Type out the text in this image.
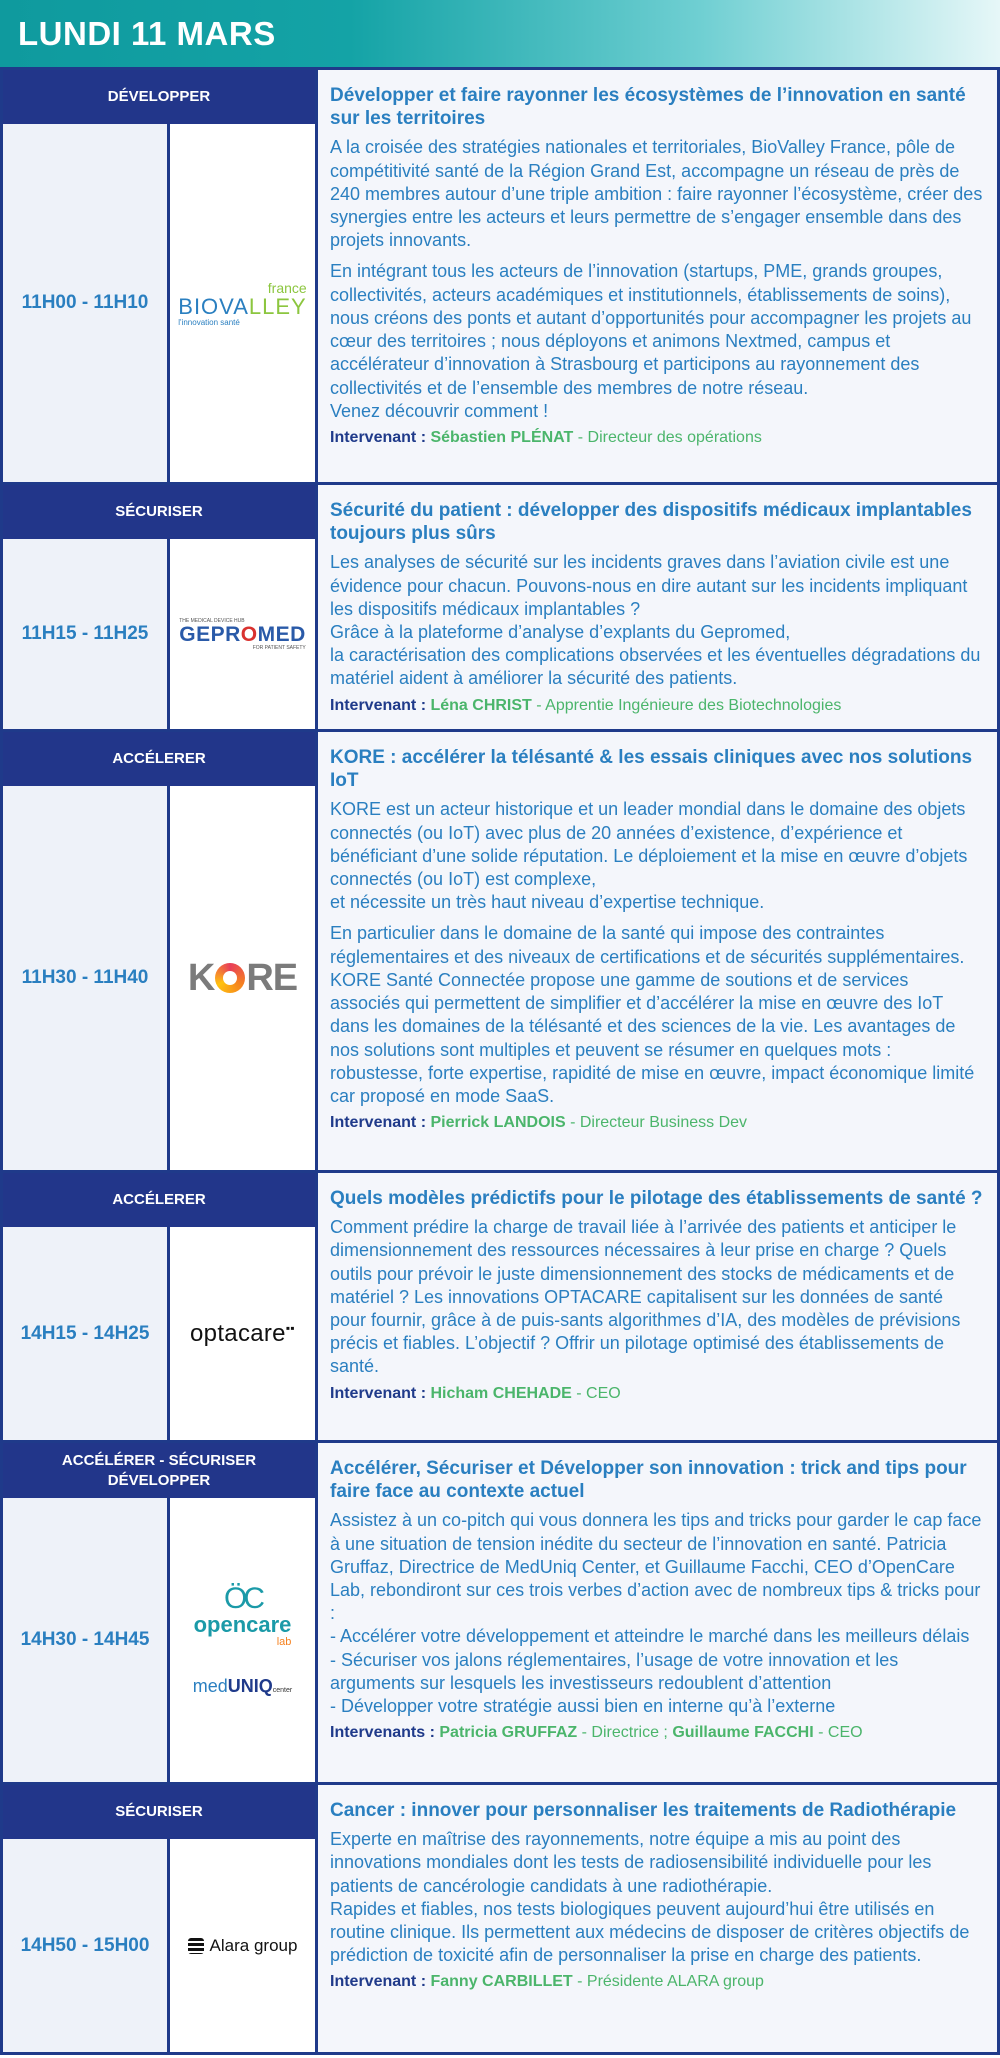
LUNDI 11 MARS
DÉVELOPPER
11H00 - 11H10
france
BIOVALLEY
l'innovation santé
Développer et faire rayonner les écosystèmes de l’innovation en santé sur les territoires
A la croisée des stratégies nationales et territoriales, BioValley France, pôle de compétitivité santé de la Région Grand Est, accompagne un réseau de près de 240 membres autour d’une triple ambition : faire rayonner l’écosystème, créer des synergies entre les acteurs et leurs permettre de s’engager ensemble dans des projets innovants.
En intégrant tous les acteurs de l’innovation (startups, PME, grands groupes, collectivités, acteurs académiques et institutionnels, établissements de soins), nous créons des ponts et autant d’opportunités pour accompagner les projets au cœur des territoires ; nous déployons et animons Nextmed, campus et accélérateur d’innovation à Strasbourg et participons au rayonnement des collectivités et de l’ensemble des membres de notre réseau.
Venez découvrir comment !
Intervenant : Sébastien PLÉNAT - Directeur des opérations
SÉCURISER
11H15 - 11H25
THE MEDICAL DEVICE HUB
GEPROMED
FOR PATIENT SAFETY
Sécurité du patient : développer des dispositifs médicaux implantables toujours plus sûrs
Les analyses de sécurité sur les incidents graves dans l’aviation civile est une évidence pour chacun. Pouvons-nous en dire autant sur les incidents impliquant les dispositifs médicaux implantables ?
Grâce à la plateforme d’analyse d’explants du Gepromed,
la caractérisation des complications observées et les éventuelles dégradations du matériel aident à améliorer la sécurité des patients.
Intervenant : Léna CHRIST - Apprentie Ingénieure des Biotechnologies
ACCÉLERER
11H30 - 11H40	K RE
KORE : accélérer la télésanté & les essais cliniques avec nos solutions IoT
KORE est un acteur historique et un leader mondial dans le domaine des objets connectés (ou IoT) avec plus de 20 années d’existence, d’expérience et bénéficiant d’une solide réputation. Le déploiement et la mise en œuvre d’objets connectés (ou IoT) est complexe,
et nécessite un très haut niveau d’expertise technique.
En particulier dans le domaine de la santé qui impose des contraintes réglementaires et des niveaux de certifications et de sécurités supplémentaires. KORE Santé Connectée propose une gamme de soutions et de services associés qui permettent de simplifier et d’accélérer la mise en œuvre des IoT dans les domaines de la télésanté et des sciences de la vie. Les avantages de nos solutions sont multiples et peuvent se résumer en quelques mots : robustesse, forte expertise, rapidité de mise en œuvre, impact économique limité car proposé en mode SaaS.
Intervenant : Pierrick LANDOIS - Directeur Business Dev
ACCÉLERER
14H15 - 14H25	optacare▪▪
Quels modèles prédictifs pour le pilotage des établissements de santé ?
Comment prédire la charge de travail liée à l’arrivée des patients et anticiper le dimensionnement des ressources nécessaires à leur prise en charge ? Quels outils pour prévoir le juste dimensionnement des stocks de médicaments et de matériel ? Les innovations OPTACARE capitalisent sur les données de santé pour fournir, grâce à de puis-sants algorithmes d’IA, des modèles de prévisions précis et fiables. L’objectif ? Offrir un pilotage optimisé des établissements de santé.
Intervenant : Hicham CHEHADE - CEO
ACCÉLÉRER - SÉCURISER
DÉVELOPPER
14H30 - 14H45
ÖC
opencare
lab
medUNIQcenter
Accélérer, Sécuriser et Développer son innovation : trick and tips pour faire face au contexte actuel
Assistez à un co-pitch qui vous donnera les tips and tricks pour garder le cap face à une situation de tension inédite du secteur de l’innovation en santé. Patricia Gruffaz, Directrice de MedUniq Center, et Guillaume Facchi, CEO d’OpenCare Lab, rebondiront sur ces trois verbes d’action avec de nombreux tips & tricks pour :
- Accélérer votre développement et atteindre le marché dans les meilleurs délais
- Sécuriser vos jalons réglementaires, l’usage de votre innovation et les arguments sur lesquels les investisseurs redoublent d’attention
- Développer votre stratégie aussi bien en interne qu’à l’externe
Intervenants : Patricia GRUFFAZ - Directrice ; Guillaume FACCHI - CEO
SÉCURISER
14H50 - 15H00	Alara group
Cancer : innover pour personnaliser les traitements de Radiothérapie
Experte en maîtrise des rayonnements, notre équipe a mis au point des innovations mondiales dont les tests de radiosensibilité individuelle pour les patients de cancérologie candidats à une radiothérapie.
Rapides et fiables, nos tests biologiques peuvent aujourd’hui être utilisés en routine clinique. Ils permettent aux médecins de disposer de critères objectifs de prédiction de toxicité afin de personnaliser la prise en charge des patients.
Intervenant : Fanny CARBILLET - Présidente ALARA group
